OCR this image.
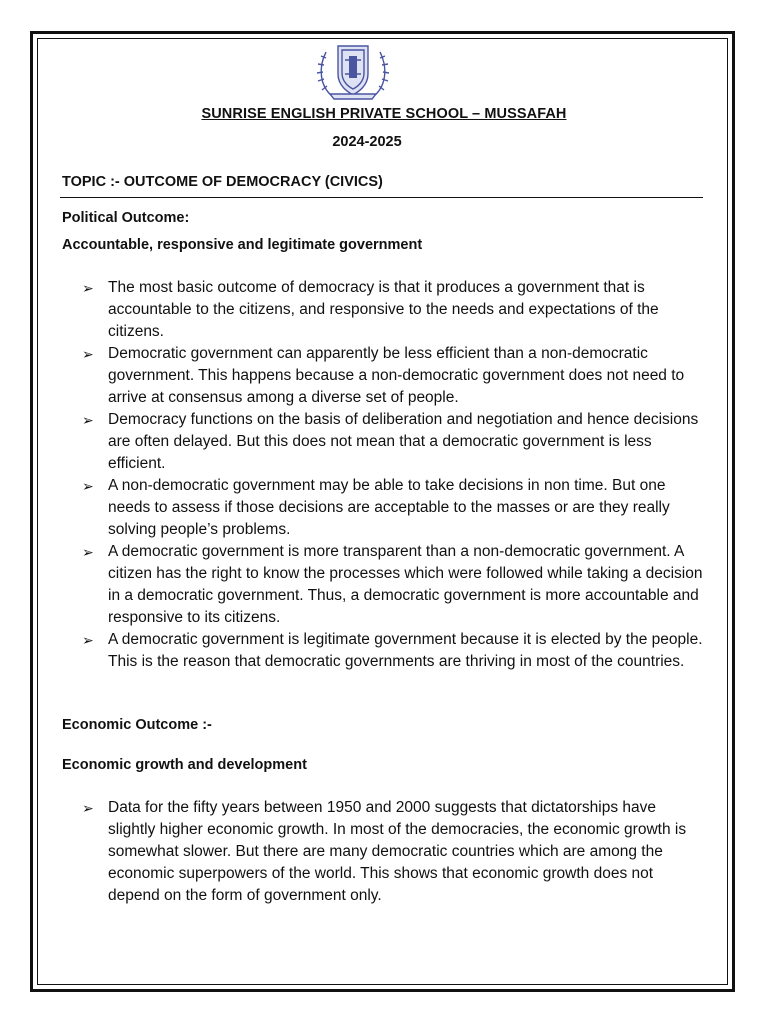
SUNRISE ENGLISH PRIVATE SCHOOL – MUSSAFAH
2024-2025
TOPIC :- OUTCOME OF DEMOCRACY (CIVICS)
Political Outcome:
Accountable, responsive and legitimate government
➢ The most basic outcome of democracy is that it produces a government that is accountable to the citizens, and responsive to the needs and expectations of the citizens.
➢ Democratic government can apparently be less efficient than a non-democratic government. This happens because a non-democratic government does not need to arrive at consensus among a diverse set of people.
➢ Democracy functions on the basis of deliberation and negotiation and hence decisions are often delayed. But this does not mean that a democratic government is less efficient.
➢ A non-democratic government may be able to take decisions in non time. But one needs to assess if those decisions are acceptable to the masses or are they really solving people’s problems.
➢ A democratic government is more transparent than a non-democratic government. A citizen has the right to know the processes which were followed while taking a decision in a democratic government. Thus, a democratic government is more accountable and responsive to its citizens.
➢ A democratic government is legitimate government because it is elected by the people. This is the reason that democratic governments are thriving in most of the countries.
Economic Outcome :-
Economic growth and development
➢ Data for the fifty years between 1950 and 2000 suggests that dictatorships have slightly higher economic growth. In most of the democracies, the economic growth is somewhat slower. But there are many democratic countries which are among the economic superpowers of the world. This shows that economic growth does not depend on the form of government only.
